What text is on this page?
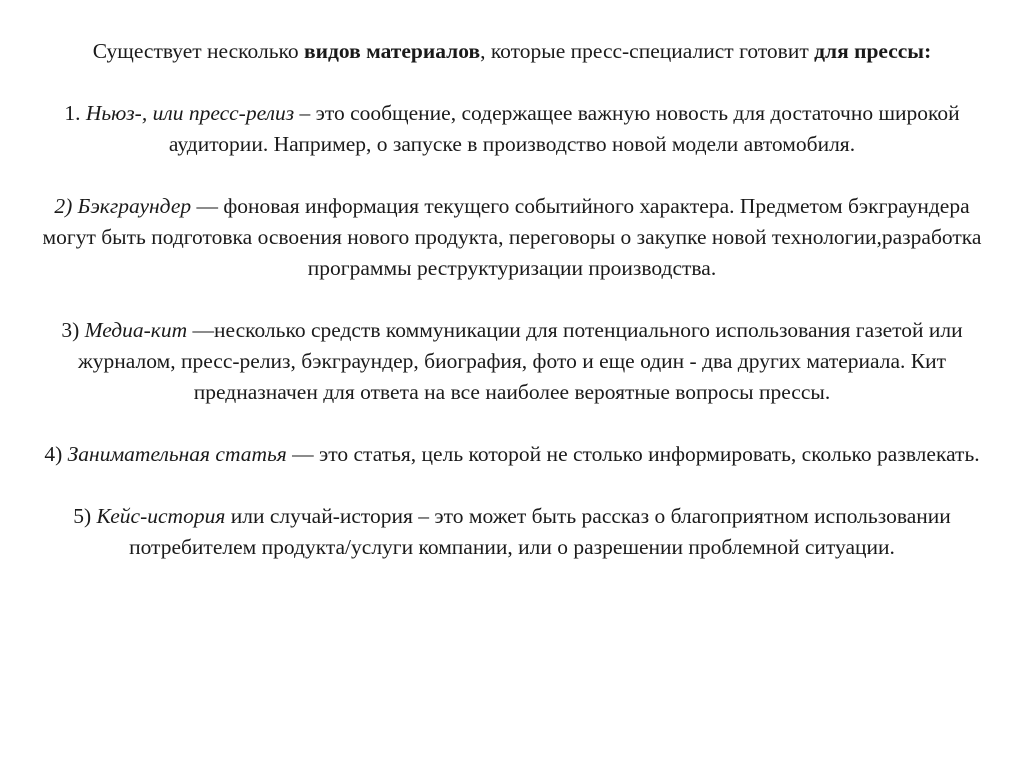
Существует несколько видов материалов, которые пресс-специалист готовит для прессы:

1. Ньюз-, или пресс-релиз – это сообщение, содержащее важную новость для достаточно широкой аудитории. Например, о запуске в производство новой модели автомобиля.

2) Бэкграундер — фоновая информация текущего событийного характера. Предметом бэкграундера могут быть подготовка освоения нового продукта, переговоры о закупке новой технологии,разработка программы реструктуризации производства.

3) Медиа-кит —несколько средств коммуникации для потенциального использования газетой или журналом, пресс-релиз, бэкграундер, биография, фото и еще один - два других материала. Кит предназначен для ответа на все наиболее вероятные вопросы прессы.

4) Занимательная статья — это статья, цель которой не столько информировать, сколько развлекать.

5) Кейс-история или случай-история – это может быть рассказ о благоприятном использовании потребителем продукта/услуги компании, или о разрешении проблемной ситуации.
